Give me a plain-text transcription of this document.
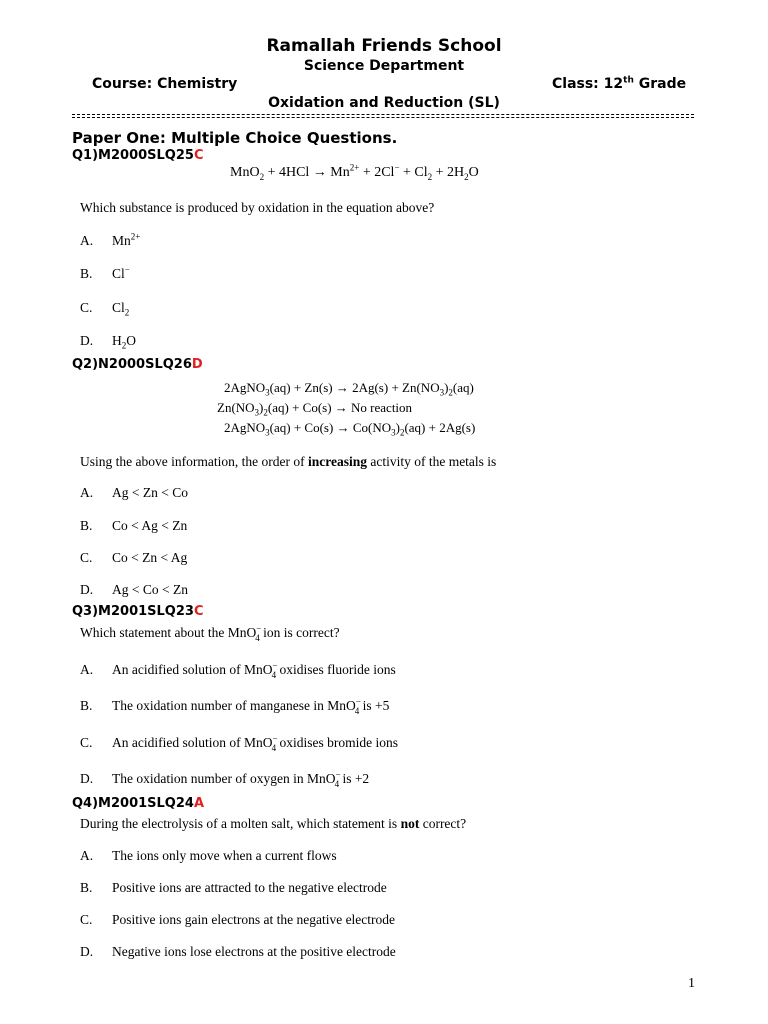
Ramallah Friends School
Science Department
Course: Chemistry	Class: 12th Grade
Oxidation and Reduction (SL)
Paper One: Multiple Choice Questions.
Q1)M2000SLQ25C
$MnO_2 + 4HCl \to Mn^{2+} + 2Cl^- + Cl_2 + 2H_2O$
Which substance is produced by oxidation in the equation above?
A. $Mn^{2+}$
B. Cl−
C. $Cl_2$
D. $H_2O$
Q2)N2000SLQ26D
2AgNO$_3$(aq) + $Zn(s) \to 2Ag(s) + Zn(NO_3)_2(aq)$
$Zn(NO_3)_2(aq) + Co(s) \to No$ reaction
2AgNO$_3$(aq) + $Co(s) \to Co(NO_3)_2(aq) + 2Ag(s)$
Using the above information, the order of increasing activity of the metals is
A. Ag < Zn < Co
B. Co < Ag < Zn
C. Co < Zn < Ag
D. Ag < Co < Zn
Q3)M2001SLQ23C
Which statement about the MnO−$_4$ ion is correct?
A. An acidified solution of MnO−$_4$ oxidises fluoride ions
B. The oxidation number of manganese in MnO−$_4$ is +5
C. An acidified solution of MnO−$_4$ oxidises bromide ions
D. The oxidation number of oxygen in MnO−$_4$ is +2
Q4)M2001SLQ24A
During the electrolysis of a molten salt, which statement is not correct?
A. The ions only move when a current flows
B. Positive ions are attracted to the negative electrode
C. Positive ions gain electrons at the negative electrode
D. Negative ions lose electrons at the positive electrode
1
